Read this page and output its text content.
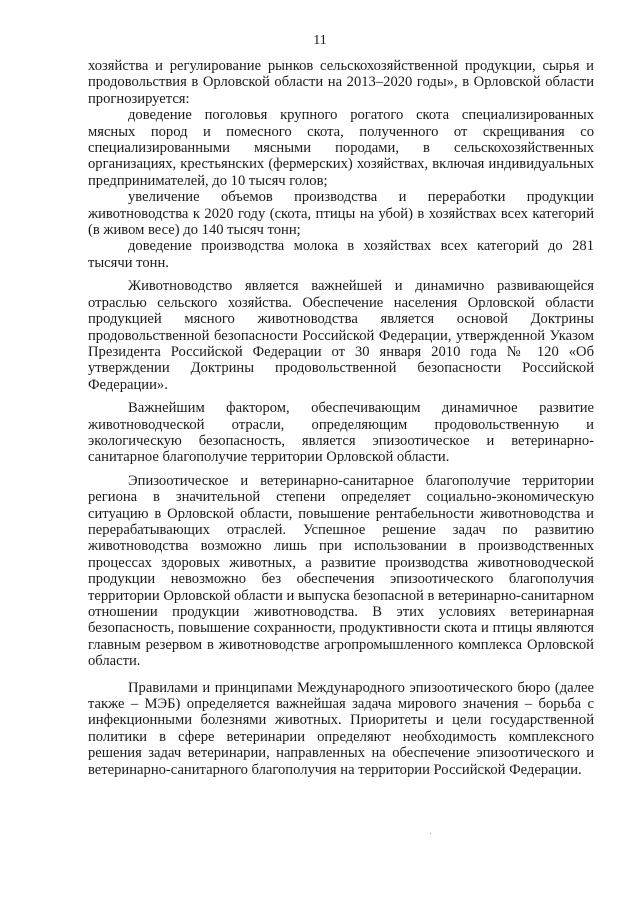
11

хозяйства и регулирование рынков сельскохозяйственной продукции, сырья и продовольствия в Орловской области на 2013–2020 годы», в Орловской области прогнозируется:

доведение поголовья крупного рогатого скота специализированных мясных пород и помесного скота, полученного от скрещивания со специализированными мясными породами, в сельскохозяйственных организациях, крестьянских (фермерских) хозяйствах, включая индивидуальных предпринимателей, до 10 тысяч голов;

увеличение объемов производства и переработки продукции животноводства к 2020 году (скота, птицы на убой) в хозяйствах всех категорий (в живом весе) до 140 тысяч тонн;

доведение производства молока в хозяйствах всех категорий до 281 тысячи тонн.

Животноводство является важнейшей и динамично развивающейся отраслью сельского хозяйства. Обеспечение населения Орловской области продукцией мясного животноводства является основой Доктрины продовольственной безопасности Российской Федерации, утвержденной Указом Президента Российской Федерации от 30 января 2010 года № 120 «Об утверждении Доктрины продовольственной безопасности Российской Федерации».

Важнейшим фактором, обеспечивающим динамичное развитие животноводческой отрасли, определяющим продовольственную и экологическую безопасность, является эпизоотическое и ветеринарно-санитарное благополучие территории Орловской области.

Эпизоотическое и ветеринарно-санитарное благополучие территории региона в значительной степени определяет социально-экономическую ситуацию в Орловской области, повышение рентабельности животноводства и перерабатывающих отраслей. Успешное решение задач по развитию животноводства возможно лишь при использовании в производственных процессах здоровых животных, а развитие производства животноводческой продукции невозможно без обеспечения эпизоотического благополучия территории Орловской области и выпуска безопасной в ветеринарно-санитарном отношении продукции животноводства. В этих условиях ветеринарная безопасность, повышение сохранности, продуктивности скота и птицы являются главным резервом в животноводстве агропромышленного комплекса Орловской области.

Правилами и принципами Международного эпизоотического бюро (далее также – МЭБ) определяется важнейшая задача мирового значения – борьба с инфекционными болезнями животных. Приоритеты и цели государственной политики в сфере ветеринарии определяют необходимость комплексного решения задач ветеринарии, направленных на обеспечение эпизоотического и ветеринарно-санитарного благополучия на территории Российской Федерации.
